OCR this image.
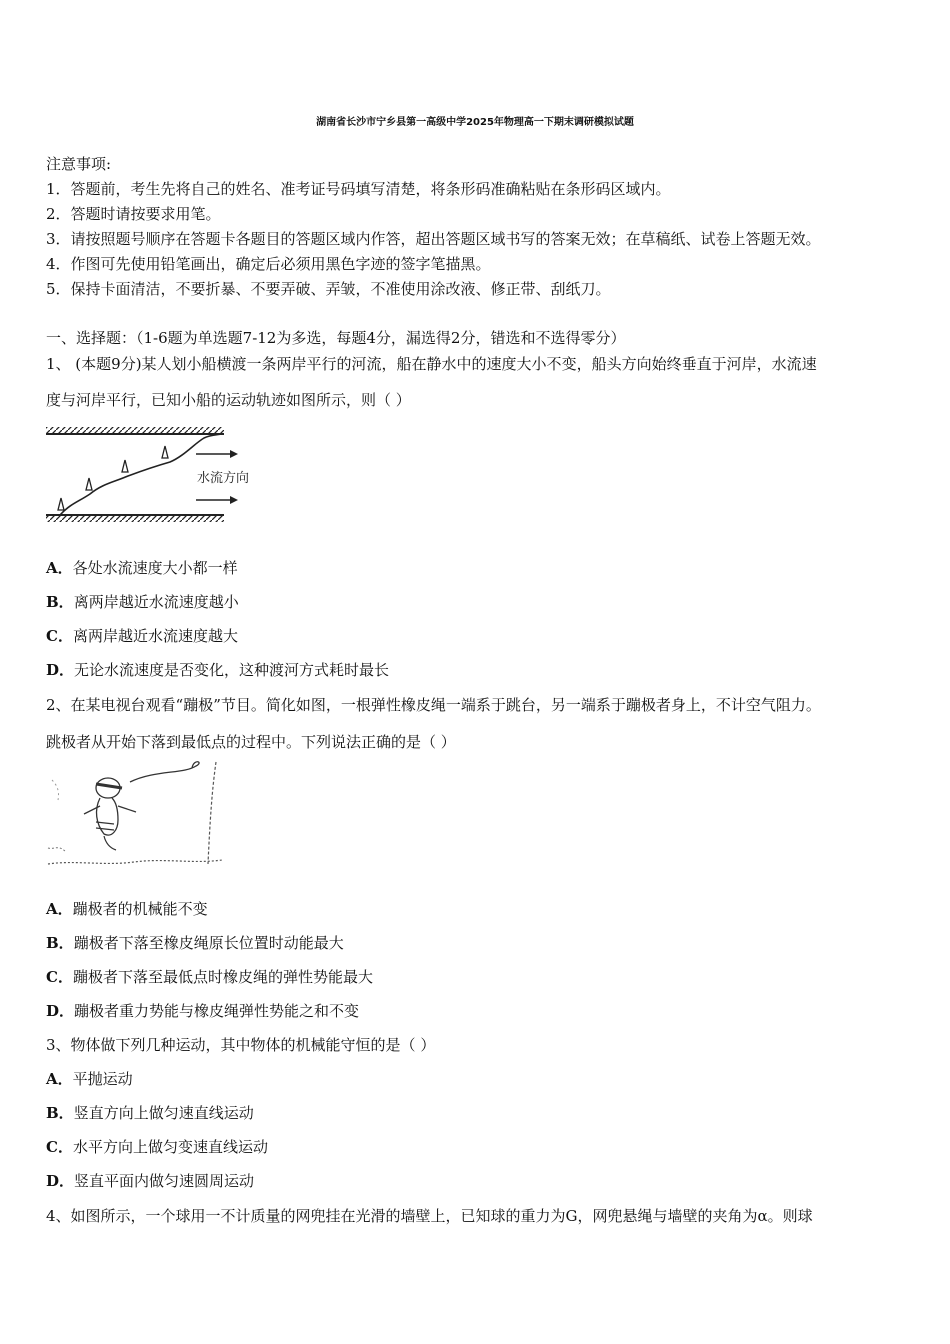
湖南省长沙市宁乡县第一高级中学2025年物理高一下期末调研模拟试题
注意事项:
1．答题前，考生先将自己的姓名、准考证号码填写清楚，将条形码准确粘贴在条形码区域内。
2．答题时请按要求用笔。
3．请按照题号顺序在答题卡各题目的答题区域内作答，超出答题区域书写的答案无效；在草稿纸、试卷上答题无效。
4．作图可先使用铅笔画出，确定后必须用黑色字迹的签字笔描黑。
5．保持卡面清洁，不要折暴、不要弄破、弄皱，不准使用涂改液、修正带、刮纸刀。
一、选择题：（1-6题为单选题7-12为多选，每题4分，漏选得2分，错选和不选得零分）
1、 (本题9分)某人划小船横渡一条两岸平行的河流，船在静水中的速度大小不变，船头方向始终垂直于河岸，水流速
度与河岸平行，已知小船的运动轨迹如图所示，则（ ）
水流方向
A．各处水流速度大小都一样
B．离两岸越近水流速度越小
C．离两岸越近水流速度越大
D．无论水流速度是否变化，这种渡河方式耗时最长
2、在某电视台观看“蹦极”节目。简化如图，一根弹性橡皮绳一端系于跳台，另一端系于蹦极者身上，不计空气阻力。
跳极者从开始下落到最低点的过程中。下列说法正确的是（ ）
A．蹦极者的机械能不变
B．蹦极者下落至橡皮绳原长位置时动能最大
C．蹦极者下落至最低点时橡皮绳的弹性势能最大
D．蹦极者重力势能与橡皮绳弹性势能之和不变
3、物体做下列几种运动，其中物体的机械能守恒的是（ ）
A．平抛运动
B．竖直方向上做匀速直线运动
C．水平方向上做匀变速直线运动
D．竖直平面内做匀速圆周运动
4、如图所示，一个球用一不计质量的网兜挂在光滑的墙壁上，已知球的重力为G，网兜悬绳与墙壁的夹角为α。则球
